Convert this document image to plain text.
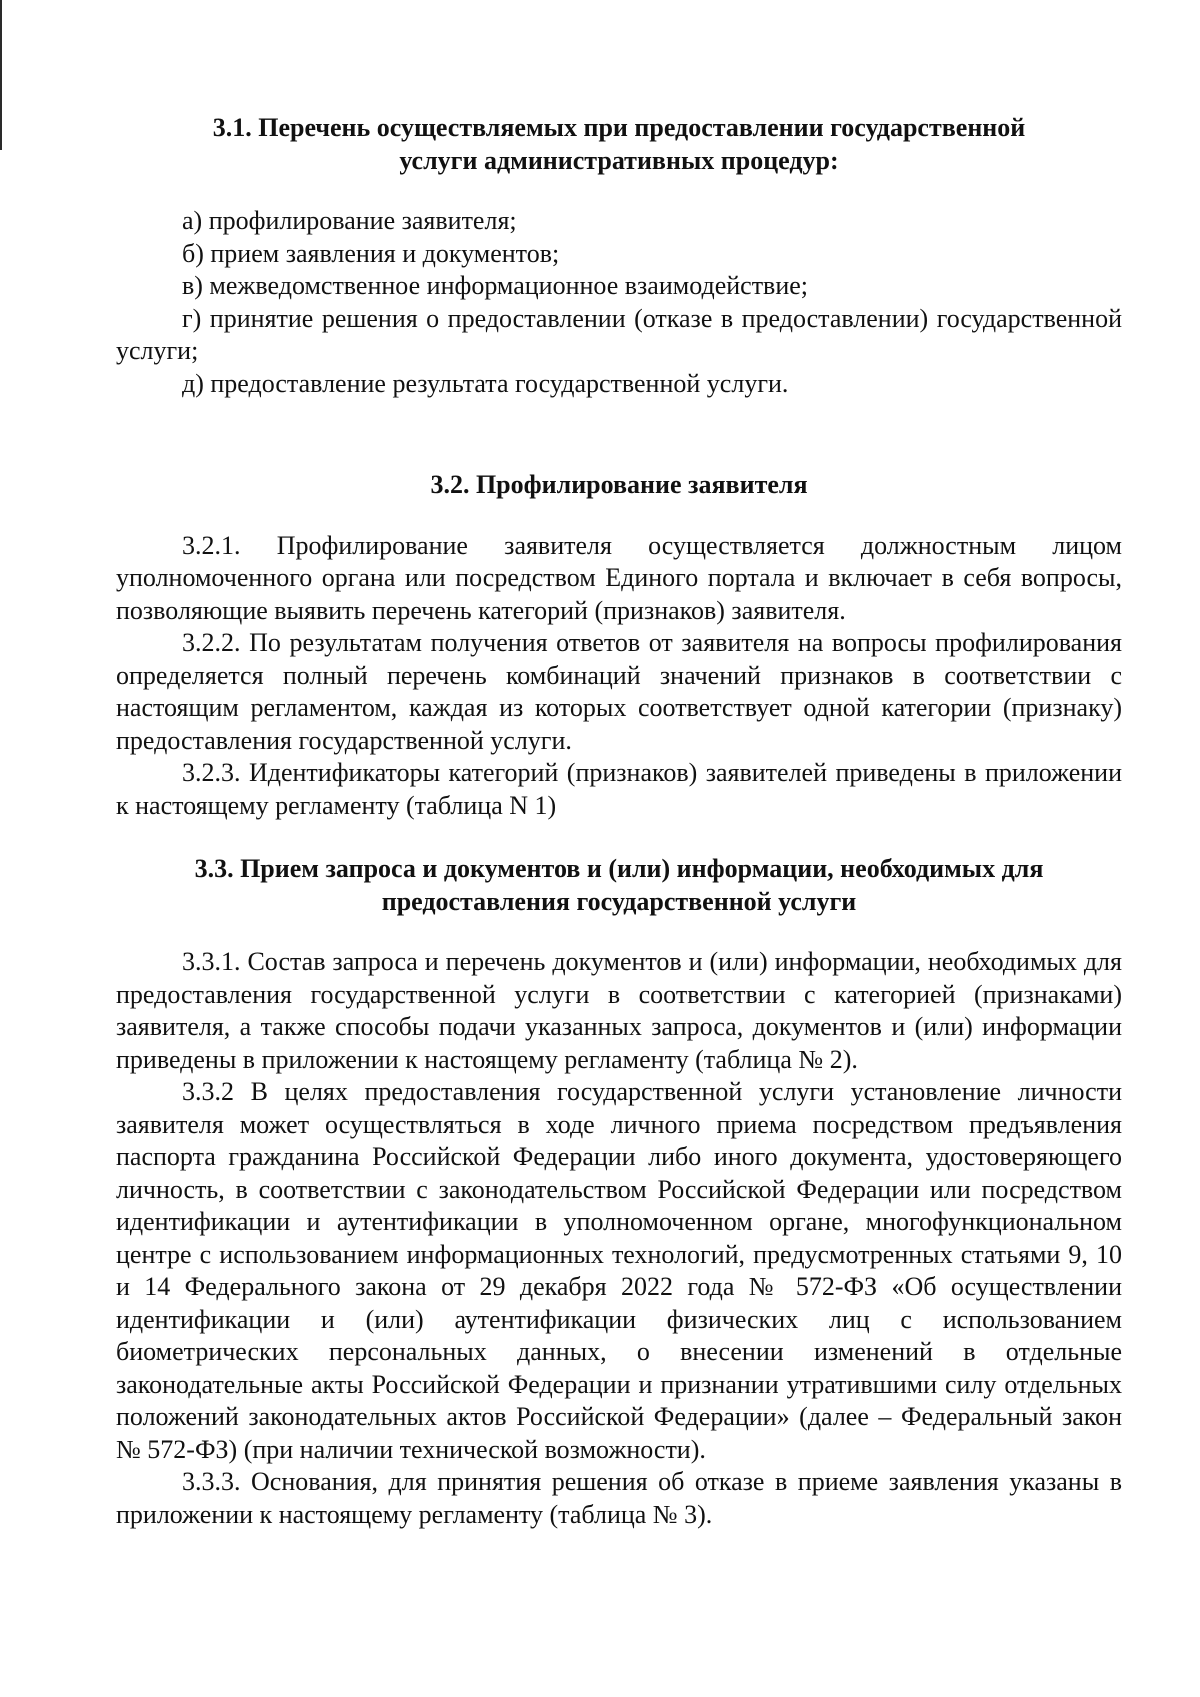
3.1. Перечень осуществляемых при предоставлении государственной
услуги административных процедур:

а) профилирование заявителя;

б) прием заявления и документов;

в) межведомственное информационное взаимодействие;

г) принятие решения о предоставлении (отказе в предоставлении) государственной услуги;

д) предоставление результата государственной услуги.

3.2. Профилирование заявителя

3.2.1. Профилирование заявителя осуществляется должностным лицом уполномоченного органа или посредством Единого портала и включает в себя вопросы, позволяющие выявить перечень категорий (признаков) заявителя.

3.2.2. По результатам получения ответов от заявителя на вопросы профилирования определяется полный перечень комбинаций значений признаков в соответствии с настоящим регламентом, каждая из которых соответствует одной категории (признаку) предоставления государственной услуги.

3.2.3. Идентификаторы категорий (признаков) заявителей приведены в приложении к настоящему регламенту (таблица N 1)

3.3. Прием запроса и документов и (или) информации, необходимых для
предоставления государственной услуги

3.3.1. Состав запроса и перечень документов и (или) информации, необходимых для предоставления государственной услуги в соответствии с категорией (признаками) заявителя, а также способы подачи указанных запроса, документов и (или) информации приведены в приложении к настоящему регламенту (таблица № 2).

3.3.2 В целях предоставления государственной услуги установление личности заявителя может осуществляться в ходе личного приема посредством предъявления паспорта гражданина Российской Федерации либо иного документа, удостоверяющего личность, в соответствии с законодательством Российской Федерации или посредством идентификации и аутентификации в уполномоченном органе, многофункциональном центре с использованием информационных технологий, предусмотренных статьями 9, 10 и 14 Федерального закона от 29 декабря 2022 года № 572-ФЗ «Об осуществлении идентификации и (или) аутентификации физических лиц с использованием биометрических персональных данных, о внесении изменений в отдельные законодательные акты Российской Федерации и признании утратившими силу отдельных положений законодательных актов Российской Федерации» (далее – Федеральный закон № 572-ФЗ) (при наличии технической возможности).

3.3.3. Основания, для принятия решения об отказе в приеме заявления указаны в приложении к настоящему регламенту (таблица № 3).
